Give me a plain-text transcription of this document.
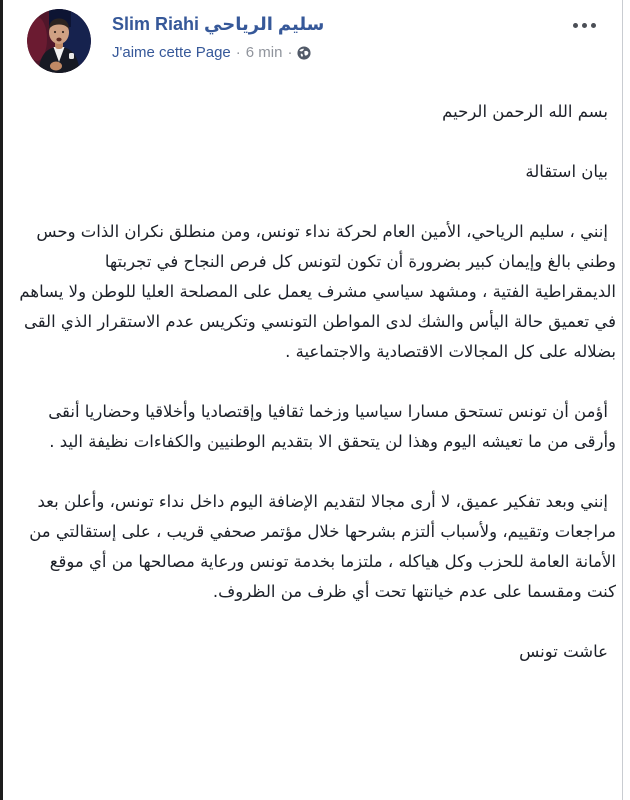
Slim Riahi سليم الرياحي
J'aime cette Page · 6 min ·

بسم الله الرحمن الرحيم

بيان استقالة

إنني ، سليم الرياحي، الأمين العام لحركة نداء تونس، ومن منطلق نكران الذات وحس وطني بالغ وإيمان كبير بضرورة أن تكون لتونس كل فرص النجاح في تجربتها الديمقراطية الفتية ، ومشهد سياسي مشرف يعمل على المصلحة العليا للوطن ولا يساهم في تعميق حالة اليأس والشك لدى المواطن التونسي وتكريس عدم الاستقرار الذي القى بضلاله على كل المجالات الاقتصادية والاجتماعية .

أؤمن أن تونس تستحق مسارا سياسيا وزخما ثقافيا وإقتصاديا وأخلاقيا وحضاريا أنقى وأرقى من ما تعيشه اليوم وهذا لن يتحقق الا بتقديم الوطنيين والكفاءات نظيفة اليد .

إنني وبعد تفكير عميق، لا أرى مجالا لتقديم الإضافة اليوم داخل نداء تونس، وأعلن بعد مراجعات وتقييم، ولأسباب ألتزم بشرحها خلال مؤتمر صحفي قريب ، على إستقالتي من الأمانة العامة للحزب وكل هياكله ، ملتزما بخدمة تونس ورعاية مصالحها من أي موقع كنت ومقسما على عدم خيانتها تحت أي ظرف من الظروف.

عاشت تونس
